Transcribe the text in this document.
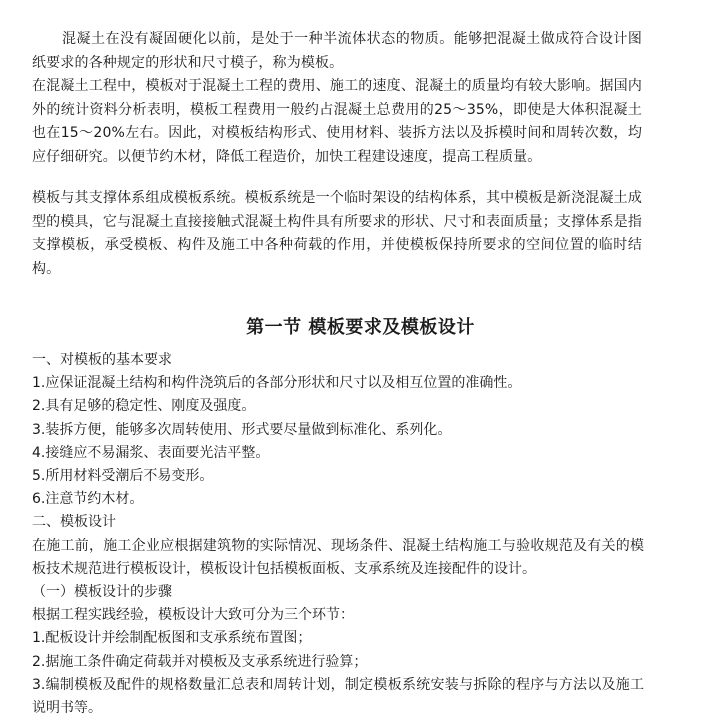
混凝土在没有凝固硬化以前，是处于一种半流体状态的物质。能够把混凝土做成符合设计图纸要求的各种规定的形状和尺寸模子，称为模板。

在混凝土工程中，模板对于混凝土工程的费用、施工的速度、混凝土的质量均有较大影响。据国内外的统计资料分析表明，模板工程费用一般约占混凝土总费用的25～35%，即使是大体积混凝土也在15～20%左右。因此，对模板结构形式、使用材料、装拆方法以及拆模时间和周转次数，均应仔细研究。以便节约木材，降低工程造价，加快工程建设速度，提高工程质量。

模板与其支撑体系组成模板系统。模板系统是一个临时架设的结构体系，其中模板是新浇混凝土成型的模具，它与混凝土直接接触式混凝土构件具有所要求的形状、尺寸和表面质量；支撑体系是指支撑模板，承受模板、构件及施工中各种荷载的作用，并使模板保持所要求的空间位置的临时结构。

第一节 模板要求及模板设计
一、对模板的基本要求
1.应保证混凝土结构和构件浇筑后的各部分形状和尺寸以及相互位置的准确性。
2.具有足够的稳定性、刚度及强度。
3.装拆方便，能够多次周转使用、形式要尽量做到标准化、系列化。
4.接缝应不易漏浆、表面要光洁平整。
5.所用材料受潮后不易变形。
6.注意节约木材。
二、模板设计
在施工前，施工企业应根据建筑物的实际情况、现场条件、混凝土结构施工与验收规范及有关的模板技术规范进行模板设计，模板设计包括模板面板、支承系统及连接配件的设计。
（一）模板设计的步骤
根据工程实践经验，模板设计大致可分为三个环节：
1.配板设计并绘制配板图和支承系统布置图；
2.据施工条件确定荷载并对模板及支承系统进行验算；
3.编制模板及配件的规格数量汇总表和周转计划，制定模板系统安装与拆除的程序与方法以及施工说明书等。
